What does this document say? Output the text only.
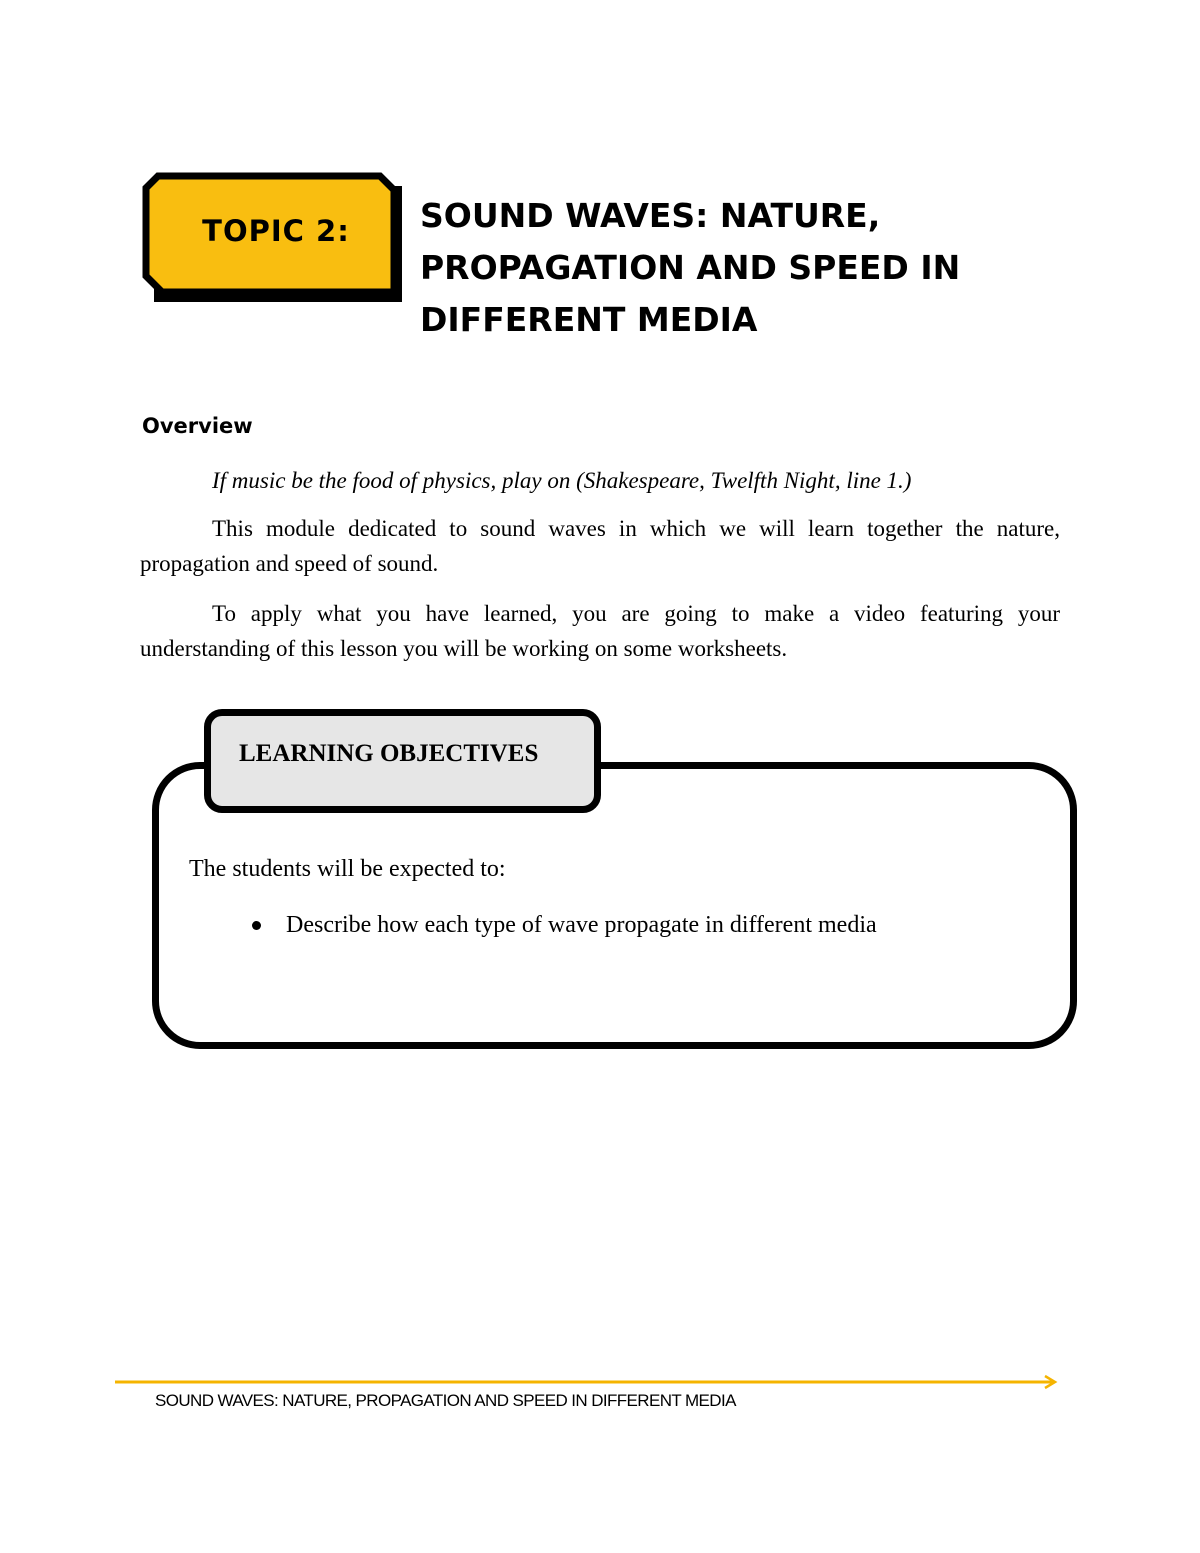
TOPIC 2:	SOUND WAVES: NATURE, PROPAGATION AND SPEED IN DIFFERENT MEDIA
Overview

If music be the food of physics, play on (Shakespeare, Twelfth Night, line 1.)

This module dedicated to sound waves in which we will learn together the nature, propagation and speed of sound.

To apply what you have learned, you are going to make a video featuring your understanding of this lesson you will be working on some worksheets.

LEARNING OBJECTIVES

The students will be expected to:

Describe how each type of wave propagate in different media

SOUND WAVES: NATURE, PROPAGATION AND SPEED IN DIFFERENT MEDIA
